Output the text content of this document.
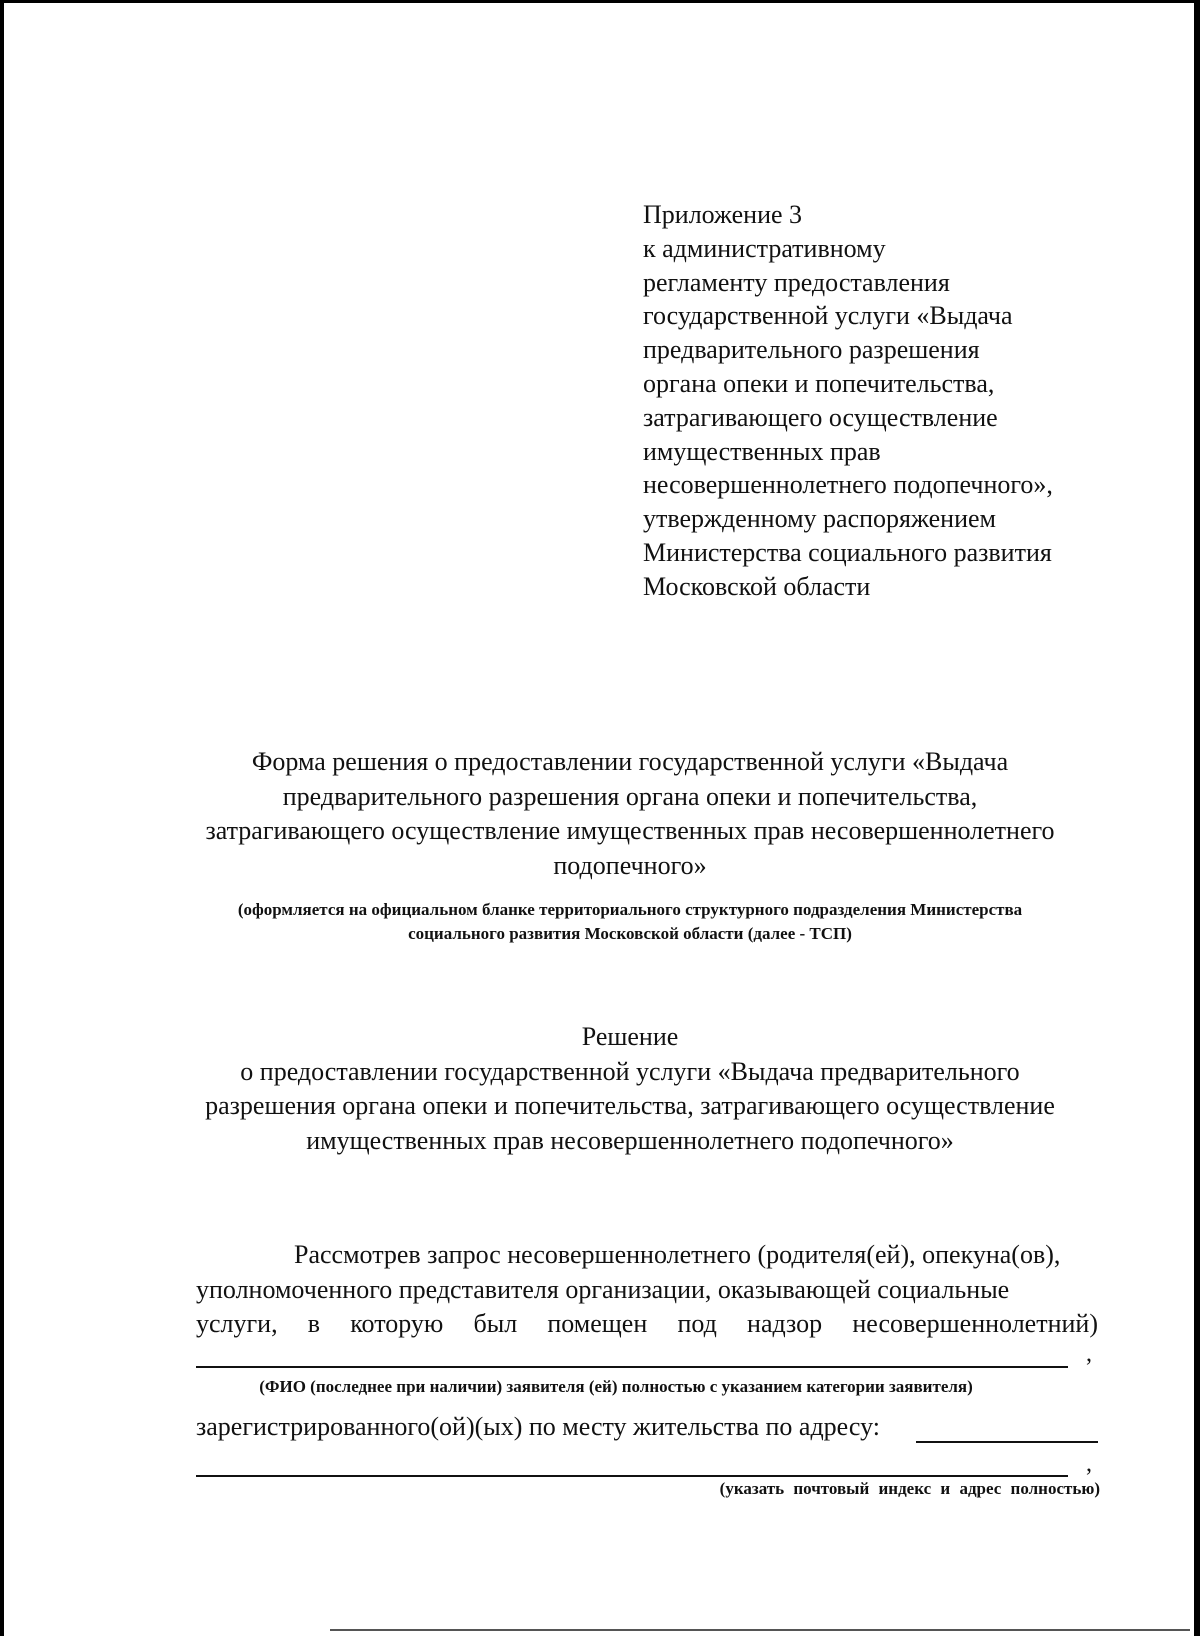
Приложение 3
к административному
регламенту предоставления
государственной услуги «Выдача
предварительного разрешения
органа опеки и попечительства,
затрагивающего осуществление
имущественных прав
несовершеннолетнего подопечного»,
утвержденному распоряжением
Министерства социального развития
Московской области
Форма решения о предоставлении государственной услуги «Выдача
предварительного разрешения органа опеки и попечительства,
затрагивающего осуществление имущественных прав несовершеннолетнего
подопечного»
(оформляется на официальном бланке территориального структурного подразделения Министерства
социального развития Московской области (далее - ТСП)
Решение
о предоставлении государственной услуги «Выдача предварительного
разрешения органа опеки и попечительства, затрагивающего осуществление
имущественных прав несовершеннолетнего подопечного»
Рассмотрев запрос несовершеннолетнего (родителя(ей), опекуна(ов),
уполномоченного представителя организации, оказывающей социальные
услуги, в которую был помещен под надзор несовершеннолетний)
,
(ФИО (последнее при наличии) заявителя (ей) полностью с указанием категории заявителя)
зарегистрированного(ой)(ых) по месту жительства по адресу:
,
(указать почтовый индекс и адрес полностью)
